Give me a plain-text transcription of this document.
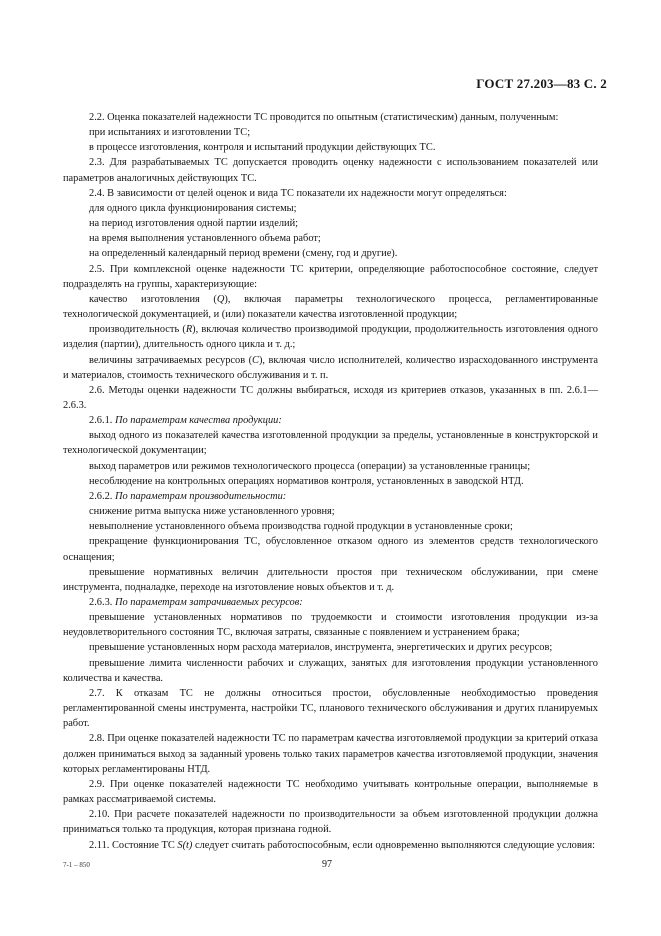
ГОСТ 27.203—83 С. 2

2.2. Оценка показателей надежности ТС проводится по опытным (статистическим) данным, полученным:

при испытаниях и изготовлении ТС;

в процессе изготовления, контроля и испытаний продукции действующих ТС.

2.3. Для разрабатываемых ТС допускается проводить оценку надежности с использованием показателей или параметров аналогичных действующих ТС.

2.4. В зависимости от целей оценок и вида ТС показатели их надежности могут определяться:

для одного цикла функционирования системы;

на период изготовления одной партии изделий;

на время выполнения установленного объема работ;

на определенный календарный период времени (смену, год и другие).

2.5. При комплексной оценке надежности ТС критерии, определяющие работоспособное состояние, следует подразделять на группы, характеризующие:

качество изготовления (Q), включая параметры технологического процесса, регламентированные технологической документацией, и (или) показатели качества изготовленной продукции;

производительность (R), включая количество производимой продукции, продолжительность изготовления одного изделия (партии), длительность одного цикла и т. д.;

величины затрачиваемых ресурсов (C), включая число исполнителей, количество израсходованного инструмента и материалов, стоимость технического обслуживания и т. п.

2.6. Методы оценки надежности ТС должны выбираться, исходя из критериев отказов, указанных в пп. 2.6.1—2.6.3.

2.6.1. По параметрам качества продукции:

выход одного из показателей качества изготовленной продукции за пределы, установленные в конструкторской и технологической документации;

выход параметров или режимов технологического процесса (операции) за установленные границы;

несоблюдение на контрольных операциях нормативов контроля, установленных в заводской НТД.

2.6.2. По параметрам производительности:

снижение ритма выпуска ниже установленного уровня;

невыполнение установленного объема производства годной продукции в установленные сроки;

прекращение функционирования ТС, обусловленное отказом одного из элементов средств технологического оснащения;

превышение нормативных величин длительности простоя при техническом обслуживании, при смене инструмента, подналадке, переходе на изготовление новых объектов и т. д.

2.6.3. По параметрам затрачиваемых ресурсов:

превышение установленных нормативов по трудоемкости и стоимости изготовления продукции из-за неудовлетворительного состояния ТС, включая затраты, связанные с появлением и устранением брака;

превышение установленных норм расхода материалов, инструмента, энергетических и других ресурсов;

превышение лимита численности рабочих и служащих, занятых для изготовления продукции установленного количества и качества.

2.7. К отказам ТС не должны относиться простои, обусловленные необходимостью проведения регламентированной смены инструмента, настройки ТС, планового технического обслуживания и других планируемых работ.

2.8. При оценке показателей надежности ТС по параметрам качества изготовляемой продукции за критерий отказа должен приниматься выход за заданный уровень только таких параметров качества изготовляемой продукции, значения которых регламентированы НТД.

2.9. При оценке показателей надежности ТС необходимо учитывать контрольные операции, выполняемые в рамках рассматриваемой системы.

2.10. При расчете показателей надежности по производительности за объем изготовленной продукции должна приниматься только та продукция, которая признана годной.

2.11. Состояние ТС S(t) следует считать работоспособным, если одновременно выполняются следующие условия:

7-1 – 850	97
